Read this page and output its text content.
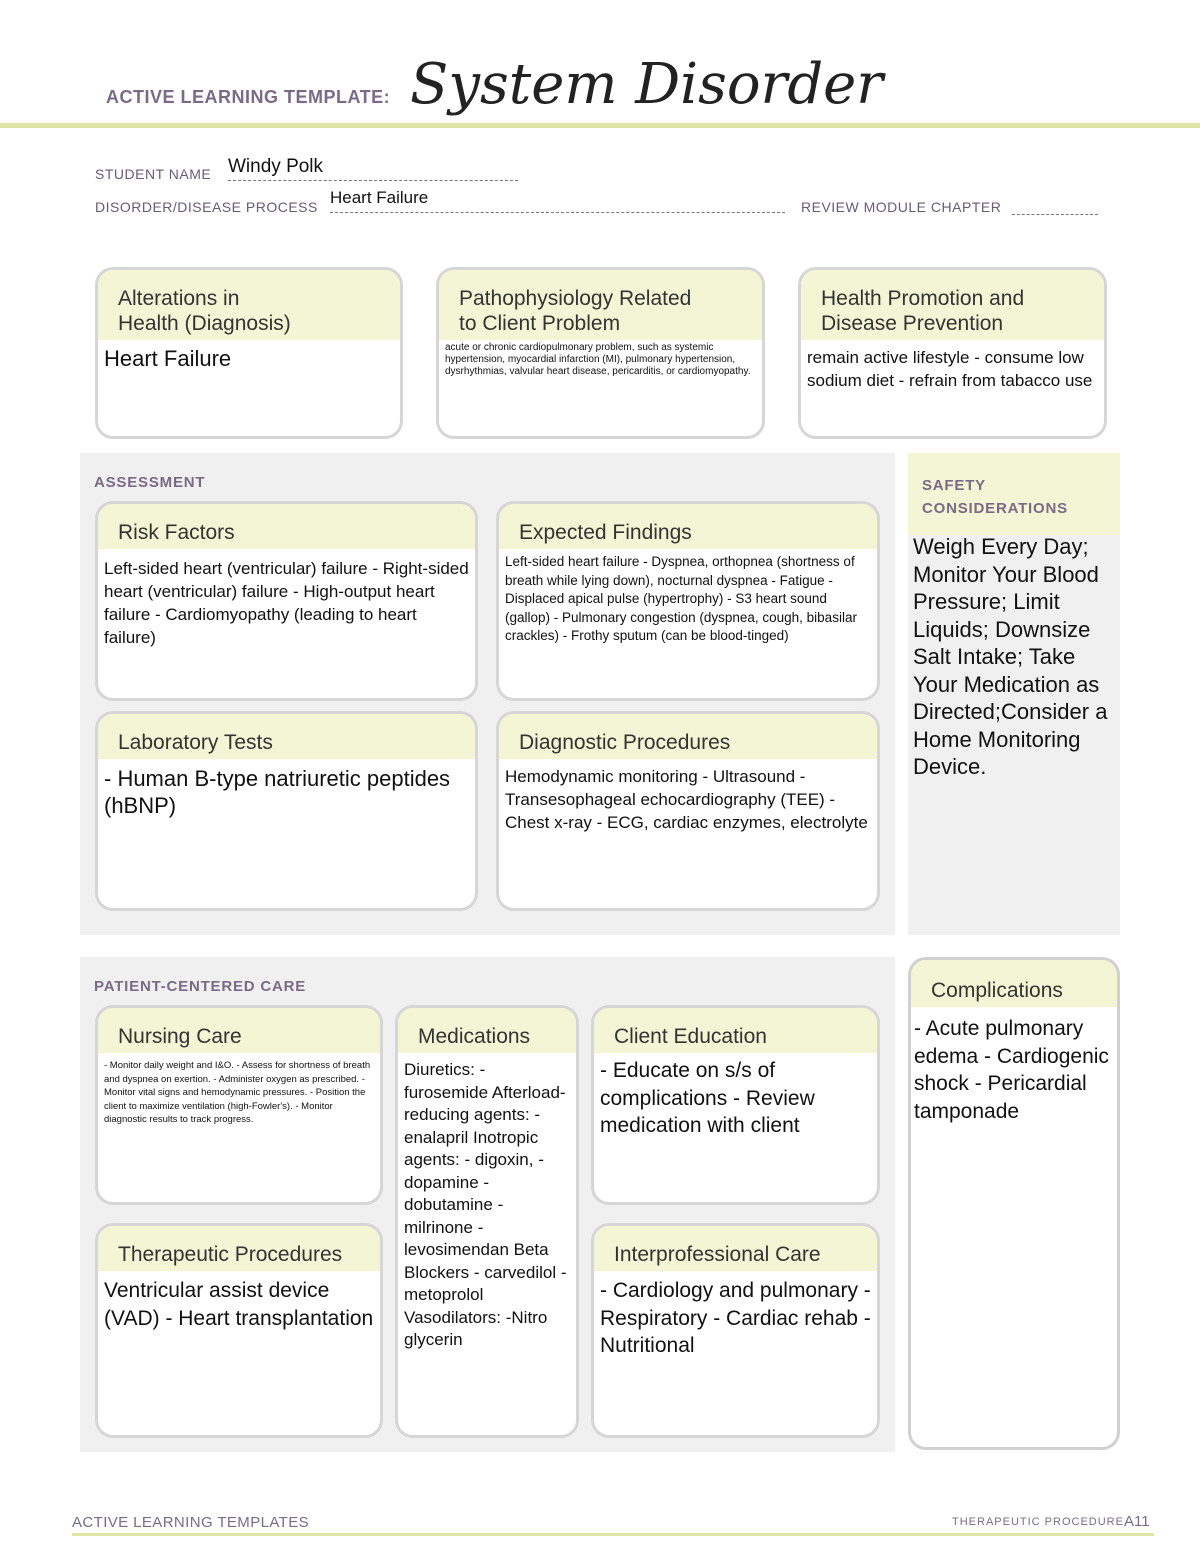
ACTIVE LEARNING TEMPLATE: System Disorder
STUDENT NAME Windy Polk
DISORDER/DISEASE PROCESS Heart Failure	REVIEW MODULE CHAPTER
Alterations in
Health (Diagnosis)
Heart Failure
Pathophysiology Related
to Client Problem
acute or chronic cardiopulmonary problem, such as systemic hypertension, myocardial infarction (MI), pulmonary hypertension, dysrhythmias, valvular heart disease, pericarditis, or cardiomyopathy.
Health Promotion and
Disease Prevention
remain active lifestyle - consume low sodium diet - refrain from tabacco use
ASSESSMENT
Risk Factors
Left-sided heart (ventricular) failure - Right-sided heart (ventricular) failure - High-output heart failure - Cardiomyopathy (leading to heart failure)
Expected Findings
Left-sided heart failure - Dyspnea, orthopnea (shortness of breath while lying down), nocturnal dyspnea - Fatigue - Displaced apical pulse (hypertrophy) - S3 heart sound (gallop) - Pulmonary congestion (dyspnea, cough, bibasilar crackles) - Frothy sputum (can be blood-tinged)
Laboratory Tests
- Human B-type natriuretic peptides (hBNP)
Diagnostic Procedures
Hemodynamic monitoring - Ultrasound - Transesophageal echocardiography (TEE) - Chest x-ray - ECG, cardiac enzymes, electrolyte
SAFETY
CONSIDERATIONS
Weigh Every Day; Monitor Your Blood Pressure; Limit Liquids; Downsize Salt Intake; Take Your Medication as Directed;Consider a Home Monitoring Device.
PATIENT-CENTERED CARE
Nursing Care
- Monitor daily weight and I&O. - Assess for shortness of breath and dyspnea on exertion. - Administer oxygen as prescribed. - Monitor vital signs and hemodynamic pressures. - Position the client to maximize ventilation (high-Fowler's). - Monitor diagnostic results to track progress.
Medications
Diuretics: - furosemide Afterload-reducing agents: - enalapril Inotropic agents: - digoxin, - dopamine - dobutamine - milrinone - levosimendan Beta Blockers - carvedilol - metoprolol Vasodilators: -Nitro glycerin
Client Education
- Educate on s/s of complications - Review medication with client
Therapeutic Procedures
Ventricular assist device (VAD) - Heart transplantation
Interprofessional Care
- Cardiology and pulmonary - Respiratory - Cardiac rehab - Nutritional
Complications
- Acute pulmonary edema - Cardiogenic shock - Pericardial tamponade
ACTIVE LEARNING TEMPLATES	THERAPEUTIC PROCEDURE A11
